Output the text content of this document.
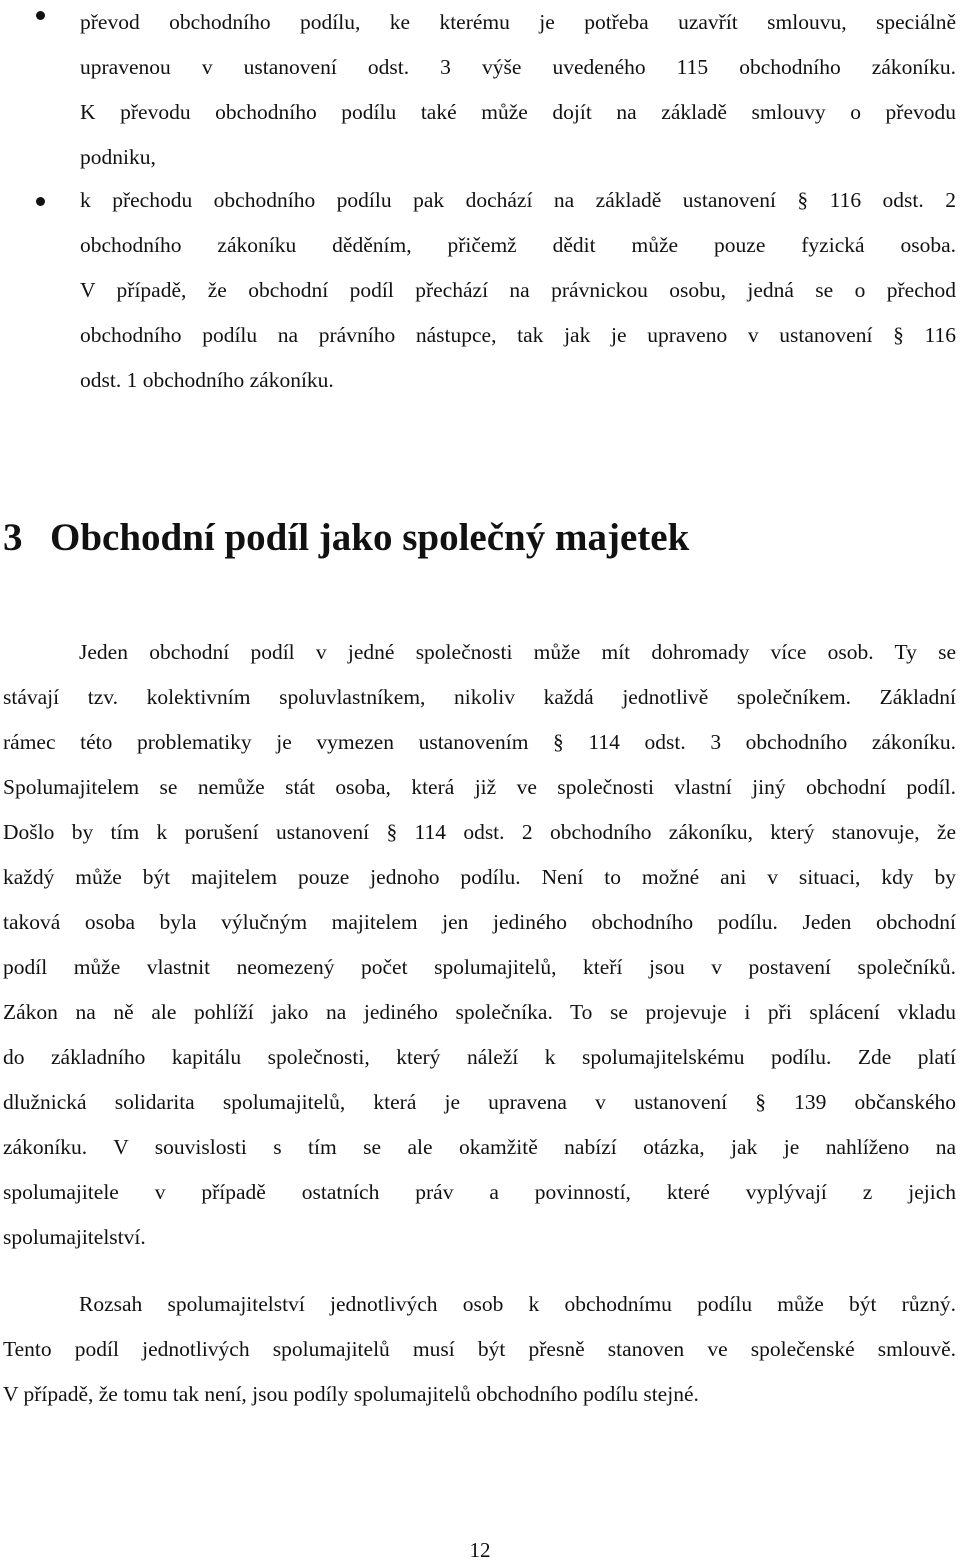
převod obchodního podílu, ke kterému je potřeba uzavřít smlouvu, speciálně
upravenou v ustanovení odst. 3 výše uvedeného 115 obchodního zákoníku.
K převodu obchodního podílu také může dojít na základě smlouvy o převodu
podniku,
k přechodu obchodního podílu pak dochází na základě ustanovení § 116 odst. 2
obchodního zákoníku děděním, přičemž dědit může pouze fyzická osoba.
V případě, že obchodní podíl přechází na právnickou osobu, jedná se o přechod
obchodního podílu na právního nástupce, tak jak je upraveno v ustanovení § 116
odst. 1 obchodního zákoníku.
3 Obchodní podíl jako společný majetek
Jeden obchodní podíl v jedné společnosti může mít dohromady více osob. Ty se
stávají tzv. kolektivním spoluvlastníkem, nikoliv každá jednotlivě společníkem. Základní
rámec této problematiky je vymezen ustanovením § 114 odst. 3 obchodního zákoníku.
Spolumajitelem se nemůže stát osoba, která již ve společnosti vlastní jiný obchodní podíl.
Došlo by tím k porušení ustanovení § 114 odst. 2 obchodního zákoníku, který stanovuje, že
každý může být majitelem pouze jednoho podílu. Není to možné ani v situaci, kdy by
taková osoba byla výlučným majitelem jen jediného obchodního podílu. Jeden obchodní
podíl může vlastnit neomezený počet spolumajitelů, kteří jsou v postavení společníků.
Zákon na ně ale pohlíží jako na jediného společníka. To se projevuje i při splácení vkladu
do základního kapitálu společnosti, který náleží k spolumajitelskému podílu. Zde platí
dlužnická solidarita spolumajitelů, která je upravena v ustanovení § 139 občanského
zákoníku. V souvislosti s tím se ale okamžitě nabízí otázka, jak je nahlíženo na
spolumajitele v případě ostatních práv a povinností, které vyplývají z jejich
spolumajitelství.
Rozsah spolumajitelství jednotlivých osob k obchodnímu podílu může být různý.
Tento podíl jednotlivých spolumajitelů musí být přesně stanoven ve společenské smlouvě.
V případě, že tomu tak není, jsou podíly spolumajitelů obchodního podílu stejné.
12
